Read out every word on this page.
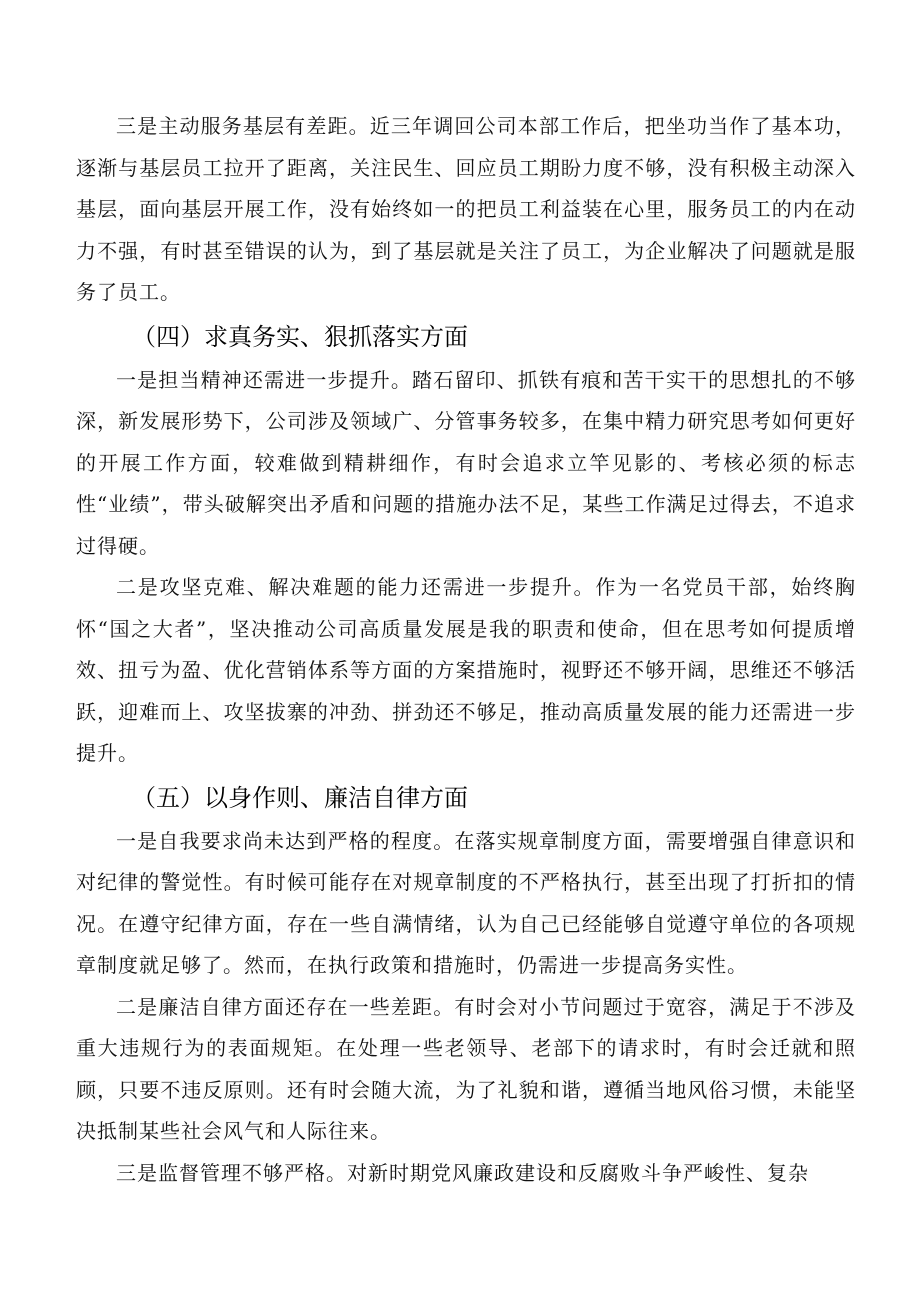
三是主动服务基层有差距。近三年调回公司本部工作后，把坐功当作了基本功，逐渐与基层员工拉开了距离，关注民生、回应员工期盼力度不够，没有积极主动深入基层，面向基层开展工作，没有始终如一的把员工利益装在心里，服务员工的内在动力不强，有时甚至错误的认为，到了基层就是关注了员工，为企业解决了问题就是服务了员工。

（四）求真务实、狠抓落实方面

一是担当精神还需进一步提升。踏石留印、抓铁有痕和苦干实干的思想扎的不够深，新发展形势下，公司涉及领域广、分管事务较多，在集中精力研究思考如何更好的开展工作方面，较难做到精耕细作，有时会追求立竿见影的、考核必须的标志性“业绩”，带头破解突出矛盾和问题的措施办法不足，某些工作满足过得去，不追求过得硬。

二是攻坚克难、解决难题的能力还需进一步提升。作为一名党员干部，始终胸怀“国之大者”，坚决推动公司高质量发展是我的职责和使命，但在思考如何提质增效、扭亏为盈、优化营销体系等方面的方案措施时，视野还不够开阔，思维还不够活跃，迎难而上、攻坚拔寨的冲劲、拼劲还不够足，推动高质量发展的能力还需进一步提升。

（五）以身作则、廉洁自律方面

一是自我要求尚未达到严格的程度。在落实规章制度方面，需要增强自律意识和对纪律的警觉性。有时候可能存在对规章制度的不严格执行，甚至出现了打折扣的情况。在遵守纪律方面，存在一些自满情绪，认为自己已经能够自觉遵守单位的各项规章制度就足够了。然而，在执行政策和措施时，仍需进一步提高务实性。

二是廉洁自律方面还存在一些差距。有时会对小节问题过于宽容，满足于不涉及重大违规行为的表面规矩。在处理一些老领导、老部下的请求时，有时会迁就和照顾，只要不违反原则。还有时会随大流，为了礼貌和谐，遵循当地风俗习惯，未能坚决抵制某些社会风气和人际往来。

三是监督管理不够严格。对新时期党风廉政建设和反腐败斗争严峻性、复杂
